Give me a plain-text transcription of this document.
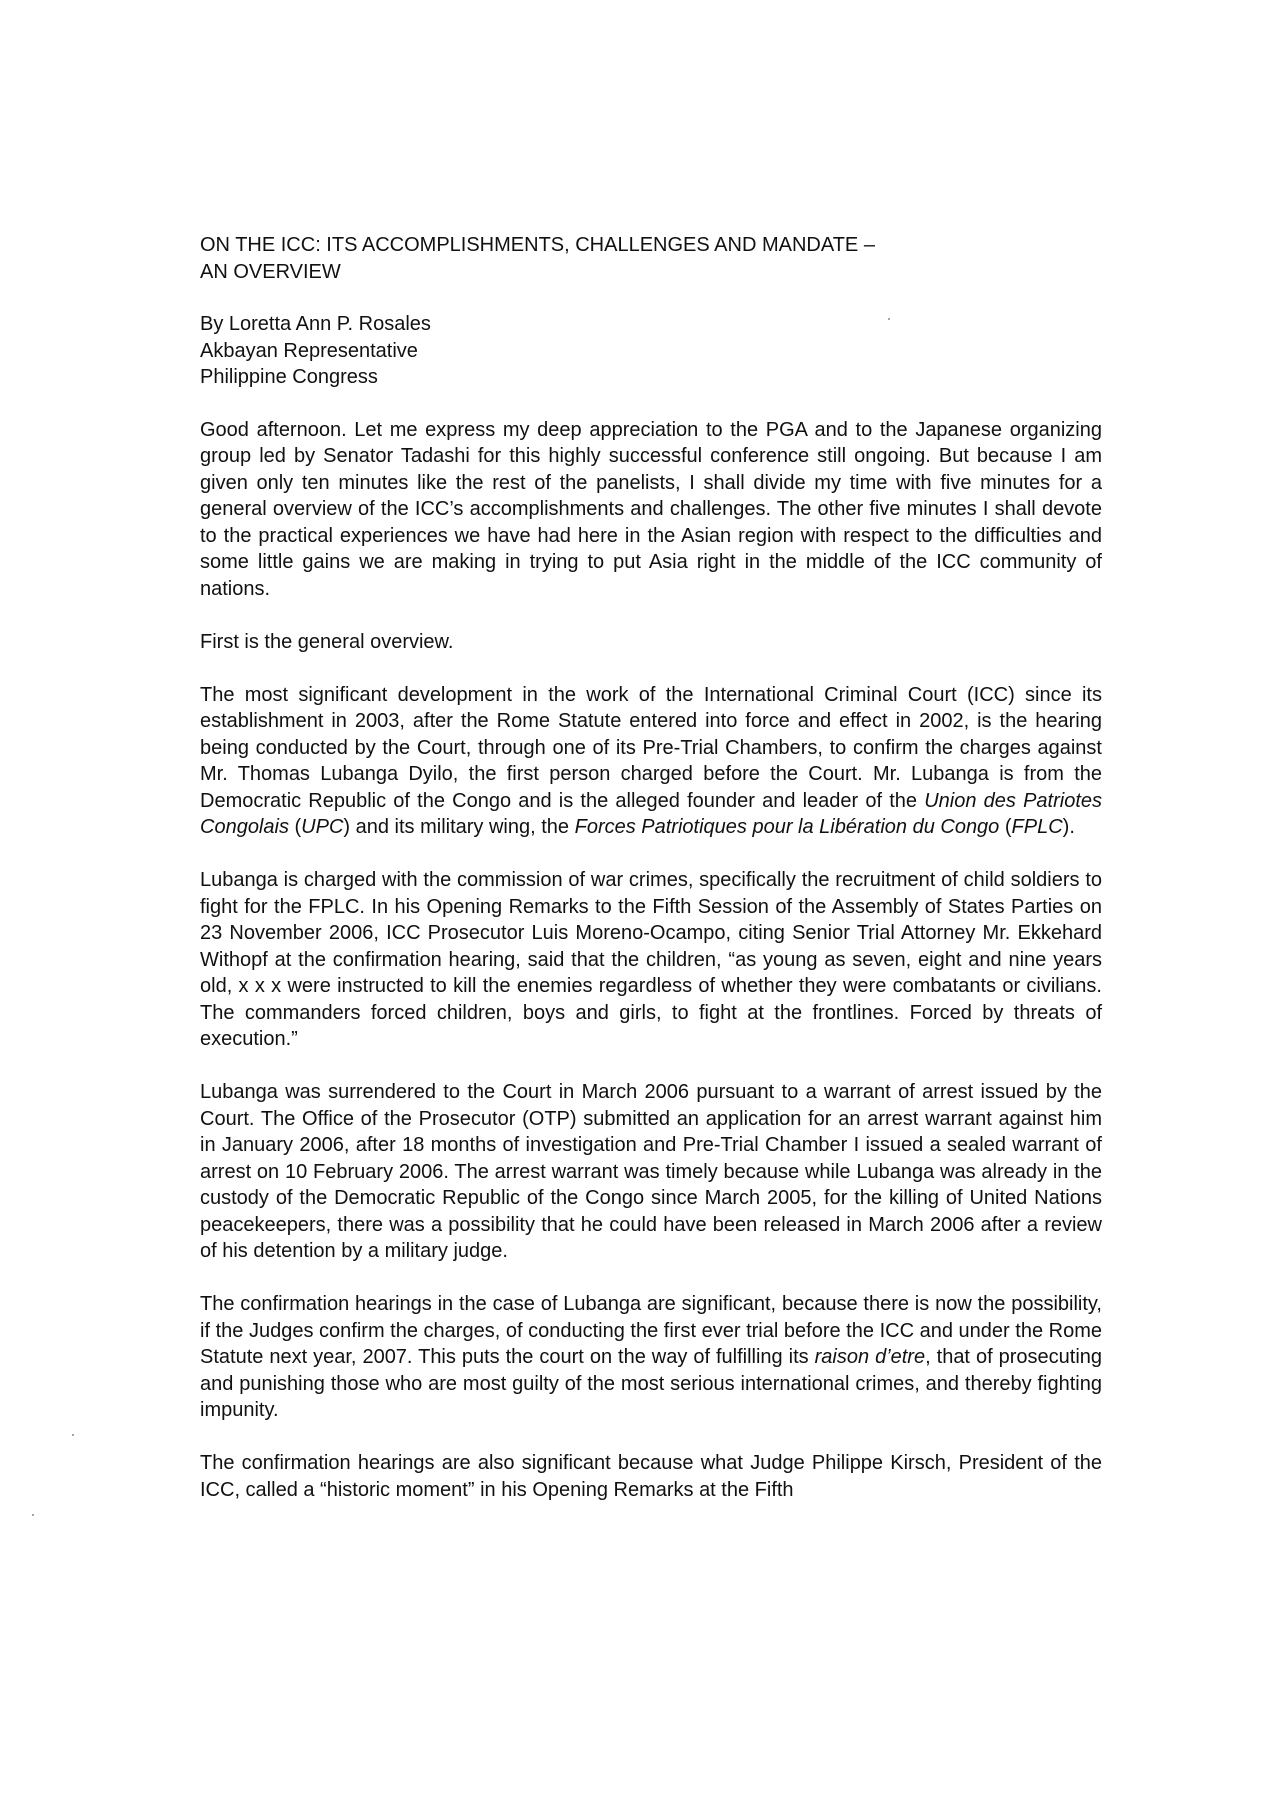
ON THE ICC: ITS ACCOMPLISHMENTS, CHALLENGES AND MANDATE –
AN OVERVIEW
By Loretta Ann P. Rosales
Akbayan Representative
Philippine Congress

Good afternoon. Let me express my deep appreciation to the PGA and to the Japanese organizing group led by Senator Tadashi for this highly successful conference still ongoing. But because I am given only ten minutes like the rest of the panelists, I shall divide my time with five minutes for a general overview of the ICC’s accomplishments and challenges. The other five minutes I shall devote to the practical experiences we have had here in the Asian region with respect to the difficulties and some little gains we are making in trying to put Asia right in the middle of the ICC community of nations.

First is the general overview.

The most significant development in the work of the International Criminal Court (ICC) since its establishment in 2003, after the Rome Statute entered into force and effect in 2002, is the hearing being conducted by the Court, through one of its Pre-Trial Chambers, to confirm the charges against Mr. Thomas Lubanga Dyilo, the first person charged before the Court. Mr. Lubanga is from the Democratic Republic of the Congo and is the alleged founder and leader of the Union des Patriotes Congolais (UPC) and its military wing, the Forces Patriotiques pour la Libération du Congo (FPLC).

Lubanga is charged with the commission of war crimes, specifically the recruitment of child soldiers to fight for the FPLC. In his Opening Remarks to the Fifth Session of the Assembly of States Parties on 23 November 2006, ICC Prosecutor Luis Moreno-Ocampo, citing Senior Trial Attorney Mr. Ekkehard Withopf at the confirmation hearing, said that the children, “as young as seven, eight and nine years old, x x x were instructed to kill the enemies regardless of whether they were combatants or civilians. The commanders forced children, boys and girls, to fight at the frontlines. Forced by threats of execution.”

Lubanga was surrendered to the Court in March 2006 pursuant to a warrant of arrest issued by the Court. The Office of the Prosecutor (OTP) submitted an application for an arrest warrant against him in January 2006, after 18 months of investigation and Pre-Trial Chamber I issued a sealed warrant of arrest on 10 February 2006. The arrest warrant was timely because while Lubanga was already in the custody of the Democratic Republic of the Congo since March 2005, for the killing of United Nations peacekeepers, there was a possibility that he could have been released in March 2006 after a review of his detention by a military judge.

The confirmation hearings in the case of Lubanga are significant, because there is now the possibility, if the Judges confirm the charges, of conducting the first ever trial before the ICC and under the Rome Statute next year, 2007. This puts the court on the way of fulfilling its raison d’etre, that of prosecuting and punishing those who are most guilty of the most serious international crimes, and thereby fighting impunity.

The confirmation hearings are also significant because what Judge Philippe Kirsch, President of the ICC, called a “historic moment” in his Opening Remarks at the Fifth
